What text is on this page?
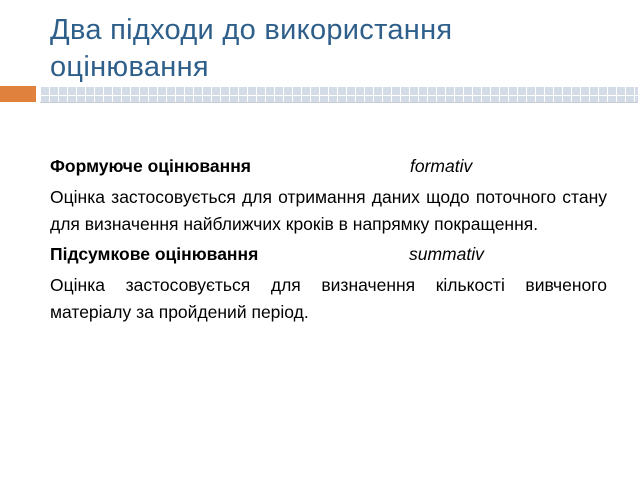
Два підходи до використання
оцінювання
Формуюче оцінювання	formativ
Оцінка застосовується для отримання даних щодо поточного стану для визначення найближчих кроків в напрямку покращення.
Підсумкове оцінювання	summativ
Оцінка застосовується для визначення кількості вивченого матеріалу за пройдений період.
